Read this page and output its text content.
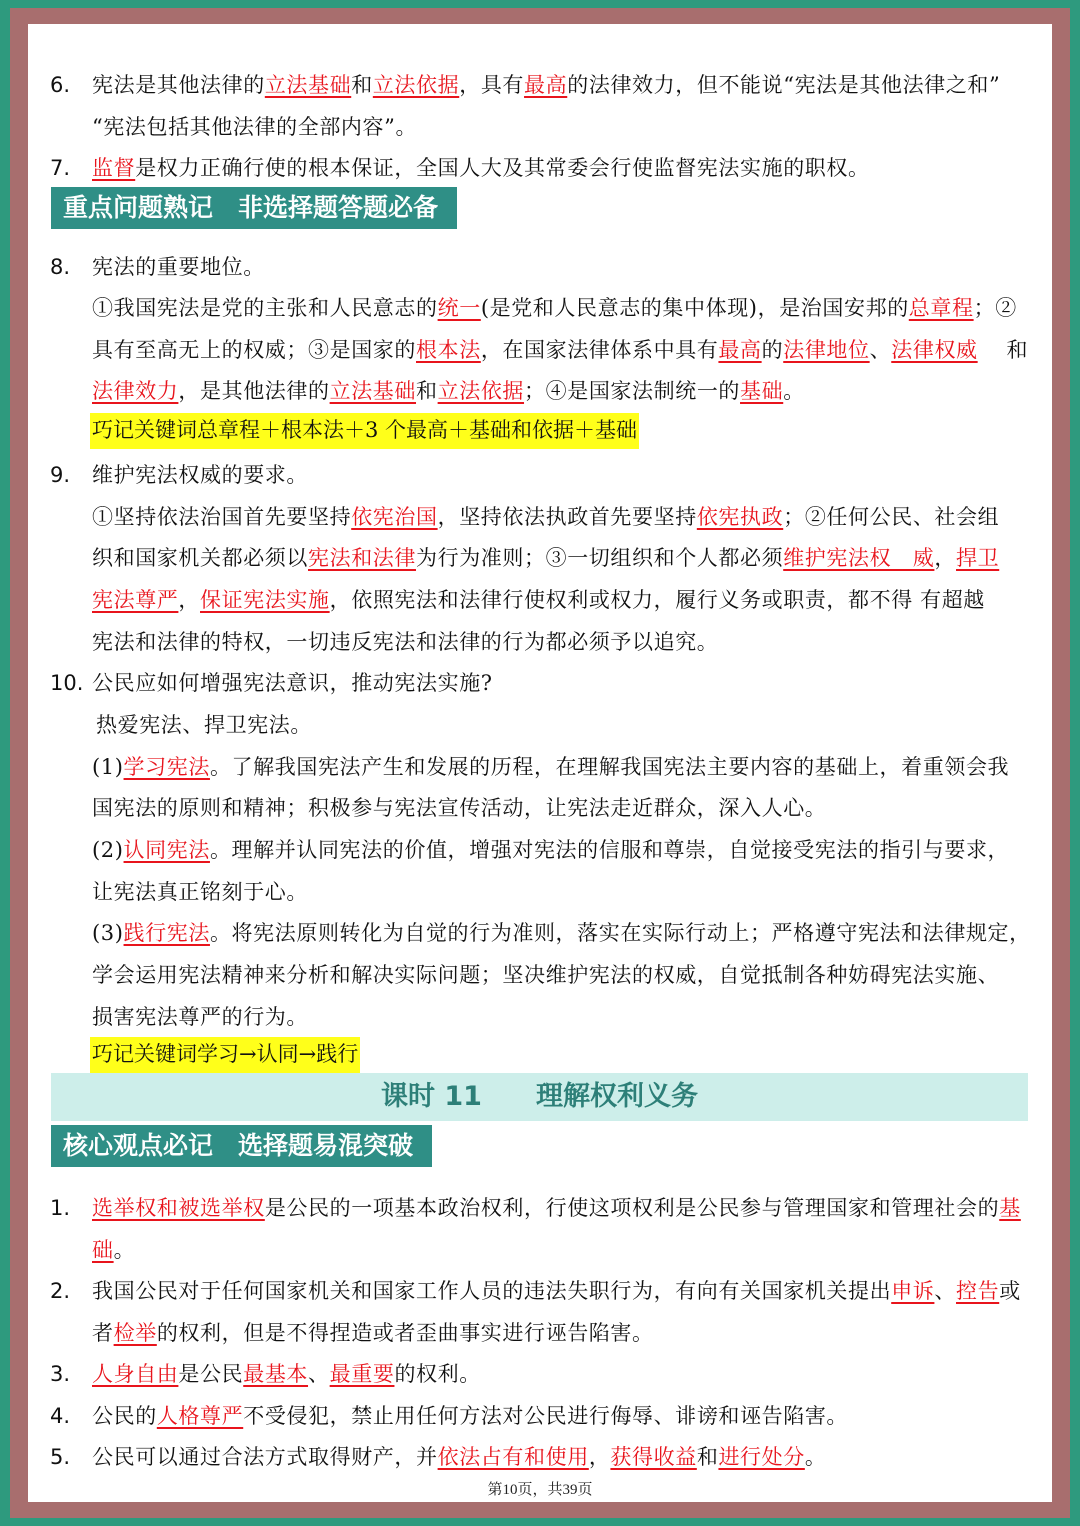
6. 宪法是其他法律的立法基础和立法依据，具有最高的法律效力，但不能说“宪法是其他法律之和”
“宪法包括其他法律的全部内容”。
7. 监督是权力正确行使的根本保证，全国人大及其常委会行使监督宪法实施的职权。
重点问题熟记　非选择题答题必备
8. 宪法的重要地位。
①我国宪法是党的主张和人民意志的统一(是党和人民意志的集中体现)，是治国安邦的总章程；②
具有至高无上的权威；③是国家的根本法，在国家法律体系中具有最高的法律地位、法律权威　 和
法律效力，是其他法律的立法基础和立法依据；④是国家法制统一的基础。
巧记关键词总章程＋根本法＋3 个最高＋基础和依据＋基础
9. 维护宪法权威的要求。
①坚持依法治国首先要坚持依宪治国，坚持依法执政首先要坚持依宪执政；②任何公民、社会组
织和国家机关都必须以宪法和法律为行为准则；③一切组织和个人都必须维护宪法权　威，捍卫
宪法尊严，保证宪法实施，依照宪法和法律行使权利或权力，履行义务或职责，都不得 有超越
宪法和法律的特权，一切违反宪法和法律的行为都必须予以追究。
10. 公民应如何增强宪法意识，推动宪法实施?
热爱宪法、捍卫宪法。
(1)学习宪法。了解我国宪法产生和发展的历程，在理解我国宪法主要内容的基础上，着重领会我
国宪法的原则和精神；积极参与宪法宣传活动，让宪法走近群众，深入人心。
(2)认同宪法。理解并认同宪法的价值，增强对宪法的信服和尊崇，自觉接受宪法的指引与要求，
让宪法真正铭刻于心。
(3)践行宪法。将宪法原则转化为自觉的行为准则，落实在实际行动上；严格遵守宪法和法律规定，
学会运用宪法精神来分析和解决实际问题；坚决维护宪法的权威，自觉抵制各种妨碍宪法实施、
损害宪法尊严的行为。
巧记关键词学习→认同→践行
课时 11　　理解权利义务
核心观点必记　选择题易混突破
1. 选举权和被选举权是公民的一项基本政治权利，行使这项权利是公民参与管理国家和管理社会的基
础。
2. 我国公民对于任何国家机关和国家工作人员的违法失职行为，有向有关国家机关提出申诉、控告或
者检举的权利，但是不得捏造或者歪曲事实进行诬告陷害。
3. 人身自由是公民最基本、最重要的权利。
4. 公民的人格尊严不受侵犯，禁止用任何方法对公民进行侮辱、诽谤和诬告陷害。
5. 公民可以通过合法方式取得财产，并依法占有和使用，获得收益和进行处分。
第10页，共39页
